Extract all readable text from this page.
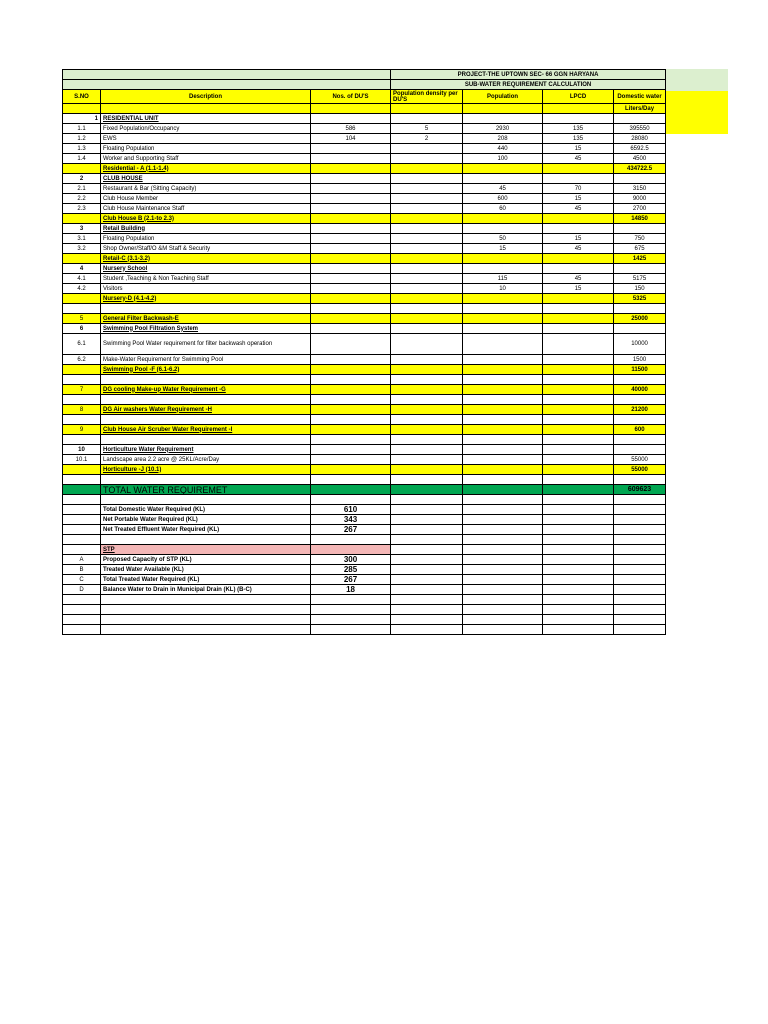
			PROJECT-THE UPTOWN SEC- 66 GGN HARYANA			
			SUB-WATER REQUIREMENT CALCULATION			
S.NO	Description	Nos. of DU'S	Population density per DU'S	Population	LPCD	Domestic water
						Liters/Day
1	RESIDENTIAL UNIT					
1.1	Fixed Population/Occupancy	586	5	2930	135	395550
1.2	EWS	104	2	208	135	28080
1.3	Floating Population			440	15	6592.5
1.4	Worker and Supporting Staff			100	45	4500
	Residential - A (1.1-1.4)					434722.5
2	CLUB HOUSE					
2.1	Restaurant & Bar (Sitting Capacity)			45	70	3150
2.2	Club House Member			600	15	9000
2.3	Club House Maintenance Staff			60	45	2700
	Club House B (2.1-to 2.3)					14850
3	Retail Building					
3.1	Floating Population			50	15	750
3.2	Shop Owner/Staff/O &M Staff & Security			15	45	675
	Retail-C (3.1-3.2)					1425
4	Nursery School					
4.1	Student ,Teaching & Non Teaching Staff			115	45	5175
4.2	Visitors			10	15	150
	Nursery-D (4.1-4.2)					5325

5	General Filter Backwash-E					25000
6	Swimming Pool Filtration System					
6.1	Swimming Pool Water requirement for filter backwash operation					10000
6.2	Make-Water Requirement for Swimming Pool					1500
	Swimming Pool -F (6.1-6.2)					11500

7	DG cooling Make-up Water Requirement -G					40000

8	DG Air washers Water Requirement -H					21200

9	Club House Air Scruber Water Requirement -I					600

10	Horticulture Water Requirement					
10.1	Landscape area 2.2 acre @ 25KL/Acre/Day					55000
	Horticulture -J (10.1)					55000

	TOTAL WATER REQUIREMET					609623

	Total Domestic Water Required (KL)	610				
	Net Portable Water Required (KL)	343				
	Net Treated Effluent Water Required (KL)	267				

	STP					
A	Proposed Capacity of STP (KL)	300				
B	Treated Water Available (KL)	285				
C	Total Treated Water Required (KL)	267				
D	Balance Water to Drain in Municipal Drain (KL) (B-C)	18				
